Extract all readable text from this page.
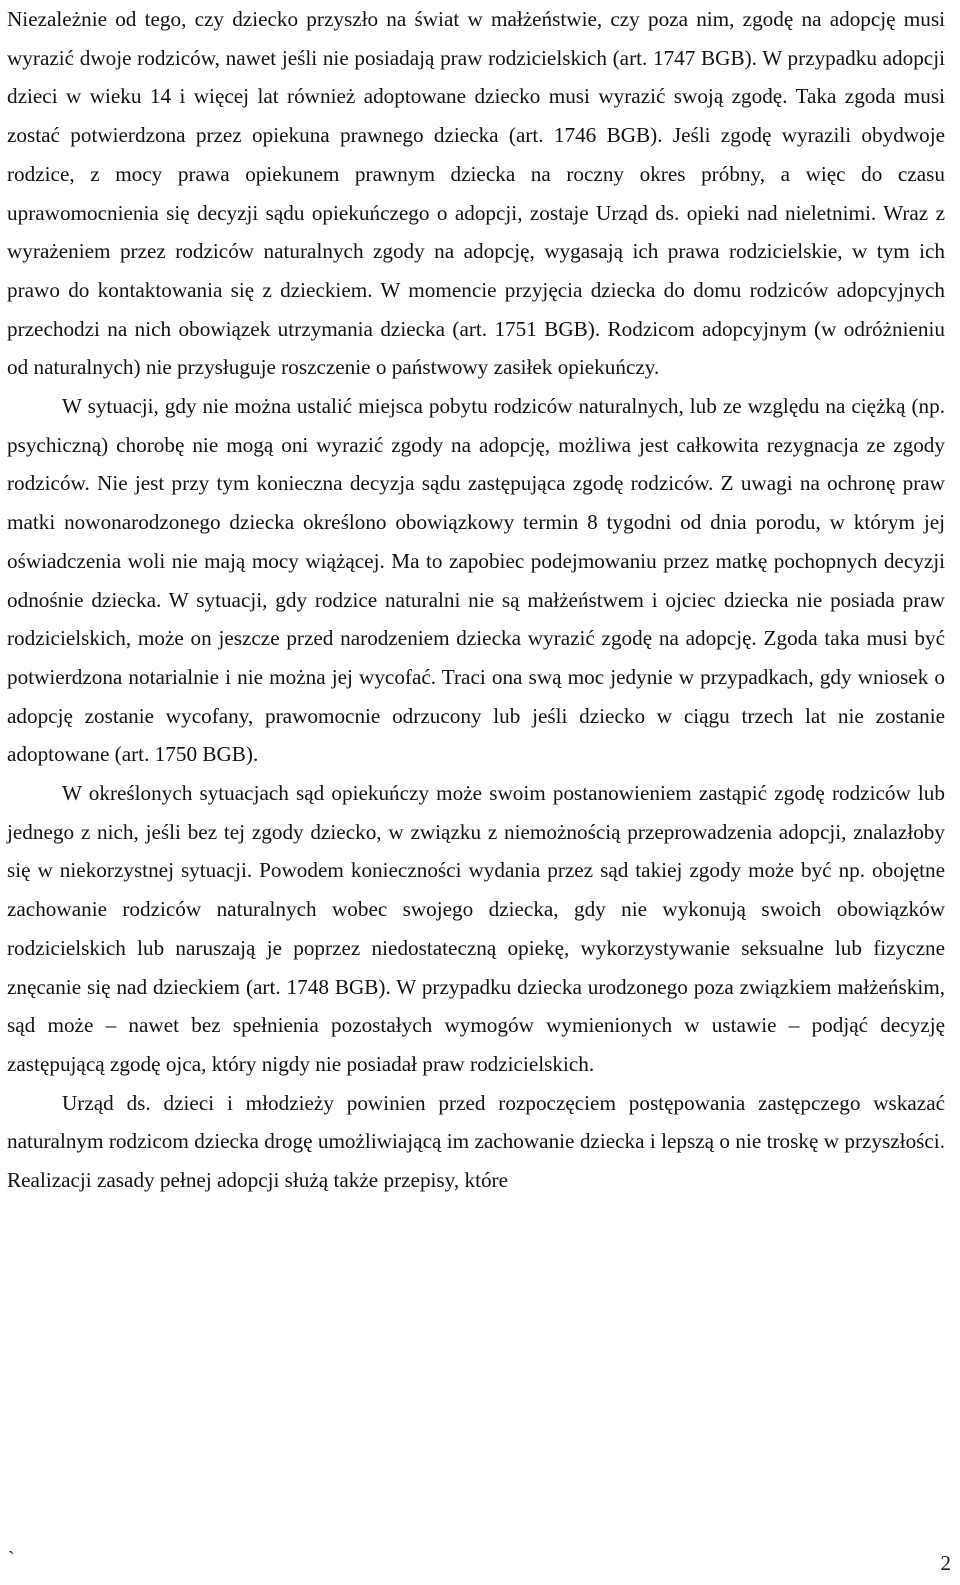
Niezależnie od tego, czy dziecko przyszło na świat w małżeństwie, czy poza nim, zgodę na adopcję musi wyrazić dwoje rodziców, nawet jeśli nie posiadają praw rodzicielskich (art. 1747 BGB). W przypadku adopcji dzieci w wieku 14 i więcej lat również adoptowane dziecko musi wyrazić swoją zgodę. Taka zgoda musi zostać potwierdzona przez opiekuna prawnego dziecka (art. 1746 BGB). Jeśli zgodę wyrazili obydwoje rodzice, z mocy prawa opiekunem prawnym dziecka na roczny okres próbny, a więc do czasu uprawomocnienia się decyzji sądu opiekuńczego o adopcji, zostaje Urząd ds. opieki nad nieletnimi. Wraz z wyrażeniem przez rodziców naturalnych zgody na adopcję, wygasają ich prawa rodzicielskie, w tym ich prawo do kontaktowania się z dzieckiem. W momencie przyjęcia dziecka do domu rodziców adopcyjnych przechodzi na nich obowiązek utrzymania dziecka (art. 1751 BGB). Rodzicom adopcyjnym (w odróżnieniu od naturalnych) nie przysługuje roszczenie o państwowy zasiłek opiekuńczy.

W sytuacji, gdy nie można ustalić miejsca pobytu rodziców naturalnych, lub ze względu na ciężką (np. psychiczną) chorobę nie mogą oni wyrazić zgody na adopcję, możliwa jest całkowita rezygnacja ze zgody rodziców. Nie jest przy tym konieczna decyzja sądu zastępująca zgodę rodziców. Z uwagi na ochronę praw matki nowonarodzonego dziecka określono obowiązkowy termin 8 tygodni od dnia porodu, w którym jej oświadczenia woli nie mają mocy wiążącej. Ma to zapobiec podejmowaniu przez matkę pochopnych decyzji odnośnie dziecka. W sytuacji, gdy rodzice naturalni nie są małżeństwem i ojciec dziecka nie posiada praw rodzicielskich, może on jeszcze przed narodzeniem dziecka wyrazić zgodę na adopcję. Zgoda taka musi być potwierdzona notarialnie i nie można jej wycofać. Traci ona swą moc jedynie w przypadkach, gdy wniosek o adopcję zostanie wycofany, prawomocnie odrzucony lub jeśli dziecko w ciągu trzech lat nie zostanie adoptowane (art. 1750 BGB).

W określonych sytuacjach sąd opiekuńczy może swoim postanowieniem zastąpić zgodę rodziców lub jednego z nich, jeśli bez tej zgody dziecko, w związku z niemożnością przeprowadzenia adopcji, znalazłoby się w niekorzystnej sytuacji. Powodem konieczności wydania przez sąd takiej zgody może być np. obojętne zachowanie rodziców naturalnych wobec swojego dziecka, gdy nie wykonują swoich obowiązków rodzicielskich lub naruszają je poprzez niedostateczną opiekę, wykorzystywanie seksualne lub fizyczne znęcanie się nad dzieckiem (art. 1748 BGB). W przypadku dziecka urodzonego poza związkiem małżeńskim, sąd może – nawet bez spełnienia pozostałych wymogów wymienionych w ustawie – podjąć decyzję zastępującą zgodę ojca, który nigdy nie posiadał praw rodzicielskich.

Urząd ds. dzieci i młodzieży powinien przed rozpoczęciem postępowania zastępczego wskazać naturalnym rodzicom dziecka drogę umożliwiającą im zachowanie dziecka i lepszą o nie troskę w przyszłości. Realizacji zasady pełnej adopcji służą także przepisy, które

`	2
